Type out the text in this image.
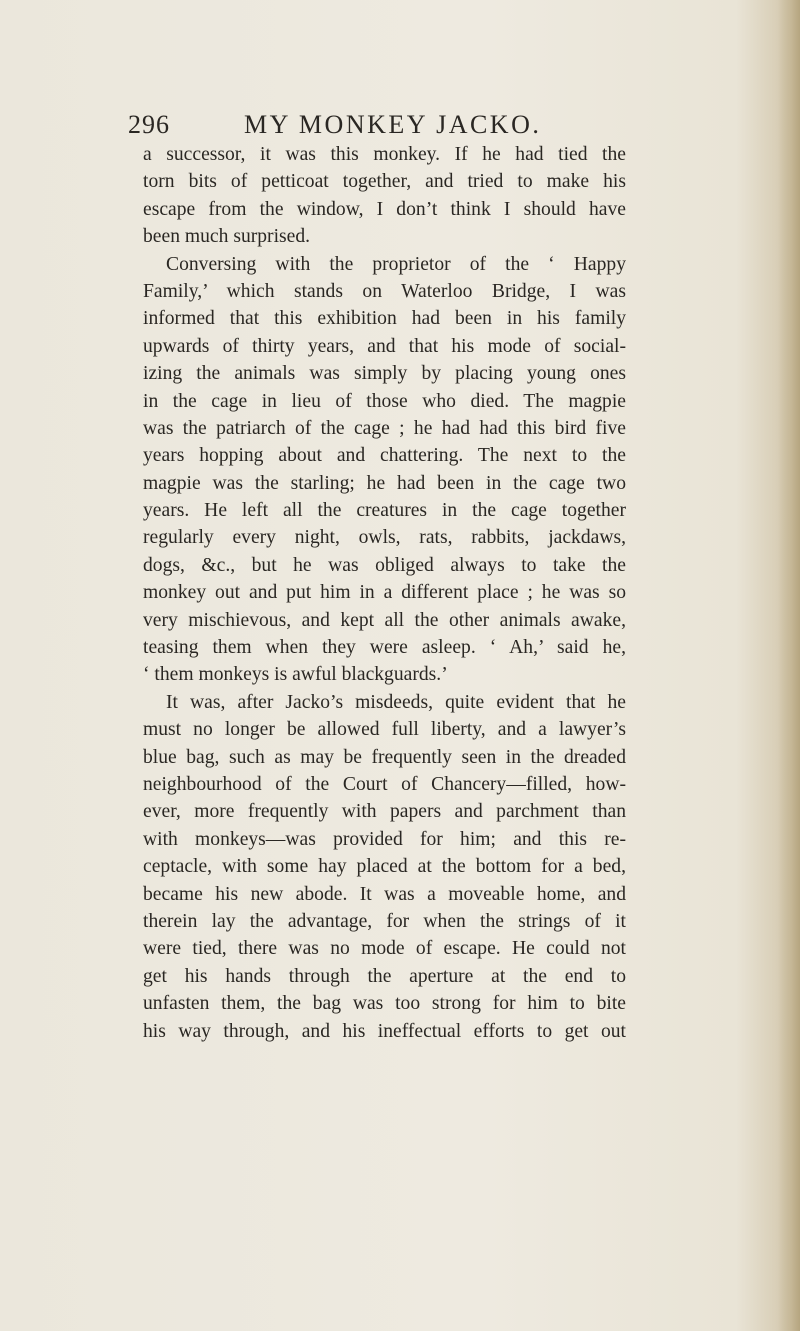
296	MY MONKEY JACKO.
a successor, it was this monkey. If he had tied the
torn bits of petticoat together, and tried to make his
escape from the window, I don’t think I should have
been much surprised.
Conversing with the proprietor of the ‘ Happy
Family,’ which stands on Waterloo Bridge, I was
informed that this exhibition had been in his family
upwards of thirty years, and that his mode of social-
izing the animals was simply by placing young ones
in the cage in lieu of those who died. The magpie
was the patriarch of the cage ; he had had this bird five
years hopping about and chattering. The next to the
magpie was the starling; he had been in the cage two
years. He left all the creatures in the cage together
regularly every night, owls, rats, rabbits, jackdaws,
dogs, &c., but he was obliged always to take the
monkey out and put him in a different place ; he was so
very mischievous, and kept all the other animals awake,
teasing them when they were asleep. ‘ Ah,’ said he,
‘ them monkeys is awful blackguards.’
It was, after Jacko’s misdeeds, quite evident that he
must no longer be allowed full liberty, and a lawyer’s
blue bag, such as may be frequently seen in the dreaded
neighbourhood of the Court of Chancery—filled, how-
ever, more frequently with papers and parchment than
with monkeys—was provided for him; and this re-
ceptacle, with some hay placed at the bottom for a bed,
became his new abode. It was a moveable home, and
therein lay the advantage, for when the strings of it
were tied, there was no mode of escape. He could not
get his hands through the aperture at the end to
unfasten them, the bag was too strong for him to bite
his way through, and his ineffectual efforts to get out
